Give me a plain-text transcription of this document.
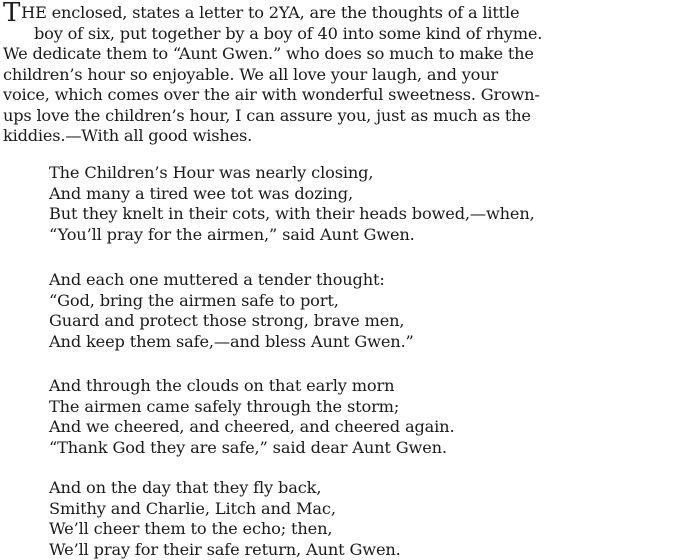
THE enclosed, states a letter to 2YA, are the thoughts of a little
boy of six, put together by a boy of 40 into some kind of rhyme.
We dedicate them to “Aunt Gwen.” who does so much to make the
children’s hour so enjoyable. We all love your laugh, and your
voice, which comes over the air with wonderful sweetness. Grown-
ups love the children’s hour, I can assure you, just as much as the
kiddies.—With all good wishes.
The Children’s Hour was nearly closing,
And many a tired wee tot was dozing,
But they knelt in their cots, with their heads bowed,—when,
“You’ll pray for the airmen,” said Aunt Gwen.
And each one muttered a tender thought:
“God, bring the airmen safe to port,
Guard and protect those strong, brave men,
And keep them safe,—and bless Aunt Gwen.”
And through the clouds on that early morn
The airmen came safely through the storm;
And we cheered, and cheered, and cheered again.
“Thank God they are safe,” said dear Aunt Gwen.
And on the day that they fly back,
Smithy and Charlie, Litch and Mac,
We’ll cheer them to the echo; then,
We’ll pray for their safe return, Aunt Gwen.
